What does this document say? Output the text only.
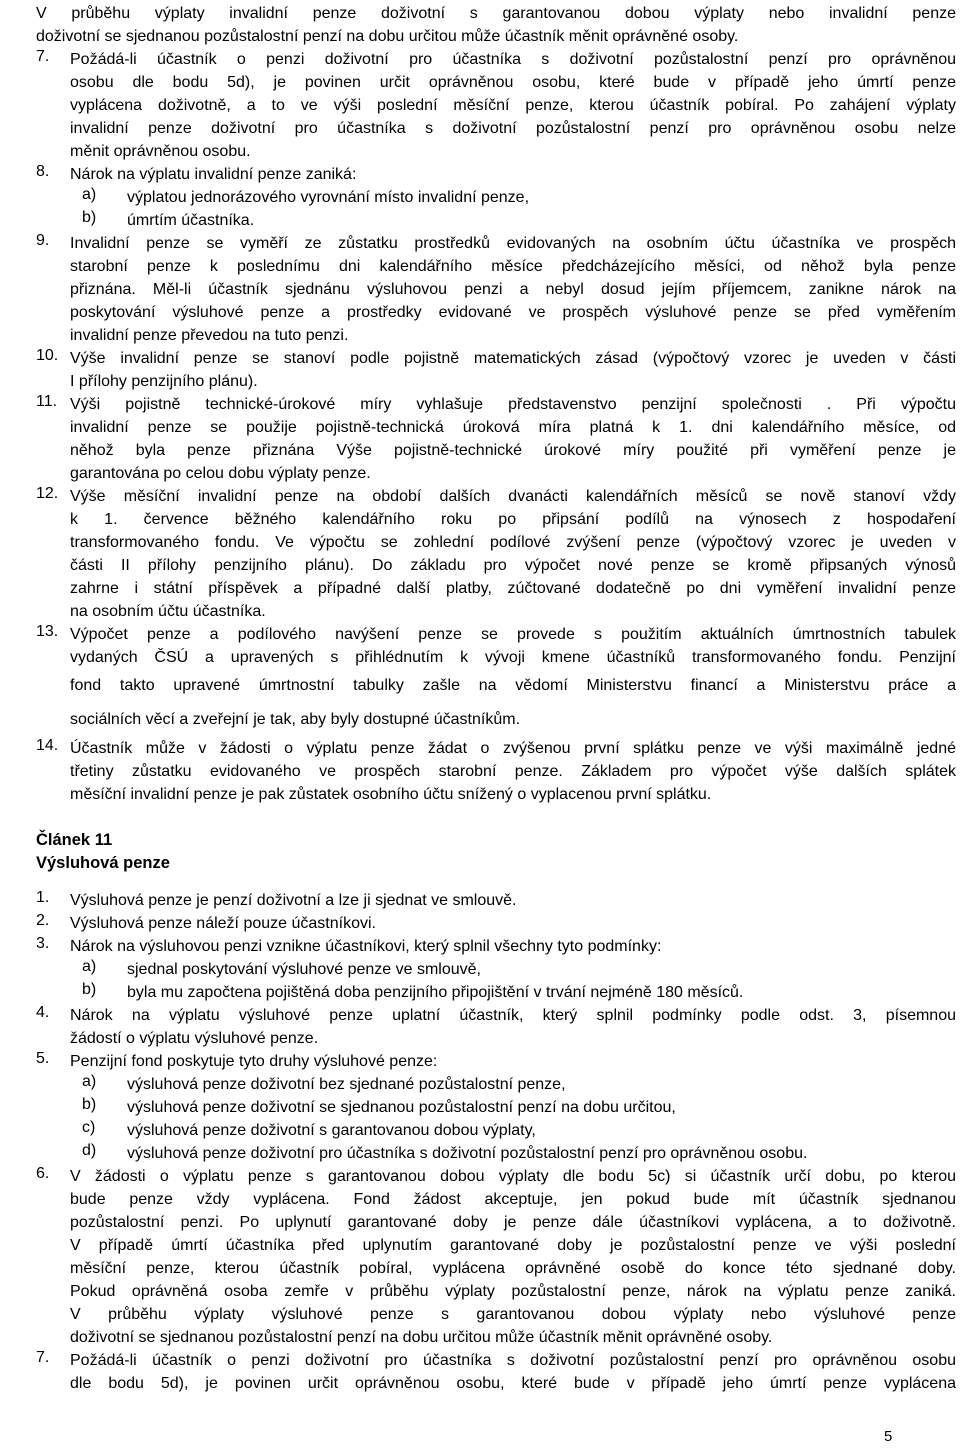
V průběhu výplaty invalidní penze doživotní s garantovanou dobou výplaty nebo invalidní penze
doživotní se sjednanou pozůstalostní penzí na dobu určitou může účastník měnit oprávněné osoby.
7. Požádá-li účastník o penzi doživotní pro účastníka s doživotní pozůstalostní penzí pro oprávněnou
osobu dle bodu 5d), je povinen určit oprávněnou osobu, které bude v případě jeho úmrtí penze
vyplácena doživotně, a to ve výši poslední měsíční penze, kterou účastník pobíral. Po zahájení výplaty
invalidní penze doživotní pro účastníka s doživotní pozůstalostní penzí pro oprávněnou osobu nelze
měnit oprávněnou osobu.
8. Nárok na výplatu invalidní penze zaniká:
a) výplatou jednorázového vyrovnání místo invalidní penze,
b) úmrtím účastníka.
9. Invalidní penze se vyměří ze zůstatku prostředků evidovaných na osobním účtu účastníka ve prospěch
starobní penze k poslednímu dni kalendářního měsíce předcházejícího měsíci, od něhož byla penze
přiznána. Měl-li účastník sjednánu výsluhovou penzi a nebyl dosud jejím příjemcem, zanikne nárok na
poskytování výsluhové penze a prostředky evidované ve prospěch výsluhové penze se před vyměřením
invalidní penze převedou na tuto penzi.
10. Výše invalidní penze se stanoví podle pojistně matematických zásad (výpočtový vzorec je uveden v části
I přílohy penzijního plánu).
11. Výši pojistně technické-úrokové míry vyhlašuje představenstvo penzijní společnosti . Při výpočtu
invalidní penze se použije pojistně-technická úroková míra platná k 1. dni kalendářního měsíce, od
něhož byla penze přiznána Výše pojistně-technické úrokové míry použité při vyměření penze je
garantována po celou dobu výplaty penze.
12. Výše měsíční invalidní penze na období dalších dvanácti kalendářních měsíců se nově stanoví vždy
k 1. července běžného kalendářního roku po připsání podílů na výnosech z hospodaření
transformovaného fondu. Ve výpočtu se zohlední podílové zvýšení penze (výpočtový vzorec je uveden v
části II přílohy penzijního plánu). Do základu pro výpočet nové penze se kromě připsaných výnosů
zahrne i státní příspěvek a případné další platby, zúčtované dodatečně po dni vyměření invalidní penze
na osobním účtu účastníka.
13. Výpočet penze a podílového navýšení penze se provede s použitím aktuálních úmrtnostních tabulek
vydaných ČSÚ a upravených s přihlédnutím k vývoji kmene účastníků transformovaného fondu. Penzijní
fond takto upravené úmrtnostní tabulky zašle na vědomí Ministerstvu financí a Ministerstvu práce a
sociálních věcí a zveřejní je tak, aby byly dostupné účastníkům.
14. Účastník může v žádosti o výplatu penze žádat o zvýšenou první splátku penze ve výši maximálně jedné
třetiny zůstatku evidovaného ve prospěch starobní penze. Základem pro výpočet výše dalších splátek
měsíční invalidní penze je pak zůstatek osobního účtu snížený o vyplacenou první splátku.
Článek 11
Výsluhová penze
1. Výsluhová penze je penzí doživotní a lze ji sjednat ve smlouvě.
2. Výsluhová penze náleží pouze účastníkovi.
3. Nárok na výsluhovou penzi vznikne účastníkovi, který splnil všechny tyto podmínky:
a) sjednal poskytování výsluhové penze ve smlouvě,
b) byla mu započtena pojištěná doba penzijního připojištění v trvání nejméně 180 měsíců.
4. Nárok na výplatu výsluhové penze uplatní účastník, který splnil podmínky podle odst. 3, písemnou
žádostí o výplatu výsluhové penze.
5. Penzijní fond poskytuje tyto druhy výsluhové penze:
a) výsluhová penze doživotní bez sjednané pozůstalostní penze,
b) výsluhová penze doživotní se sjednanou pozůstalostní penzí na dobu určitou,
c) výsluhová penze doživotní s garantovanou dobou výplaty,
d) výsluhová penze doživotní pro účastníka s doživotní pozůstalostní penzí pro oprávněnou osobu.
6. V žádosti o výplatu penze s garantovanou dobou výplaty dle bodu 5c) si účastník určí dobu, po kterou
bude penze vždy vyplácena. Fond žádost akceptuje, jen pokud bude mít účastník sjednanou
pozůstalostní penzi. Po uplynutí garantované doby je penze dále účastníkovi vyplácena, a to doživotně.
V případě úmrtí účastníka před uplynutím garantované doby je pozůstalostní penze ve výši poslední
měsíční penze, kterou účastník pobíral, vyplácena oprávněné osobě do konce této sjednané doby.
Pokud oprávněná osoba zemře v průběhu výplaty pozůstalostní penze, nárok na výplatu penze zaniká.
V průběhu výplaty výsluhové penze s garantovanou dobou výplaty nebo výsluhové penze
doživotní se sjednanou pozůstalostní penzí na dobu určitou může účastník měnit oprávněné osoby.
7. Požádá-li účastník o penzi doživotní pro účastníka s doživotní pozůstalostní penzí pro oprávněnou osobu
dle bodu 5d), je povinen určit oprávněnou osobu, které bude v případě jeho úmrtí penze vyplácena
5
